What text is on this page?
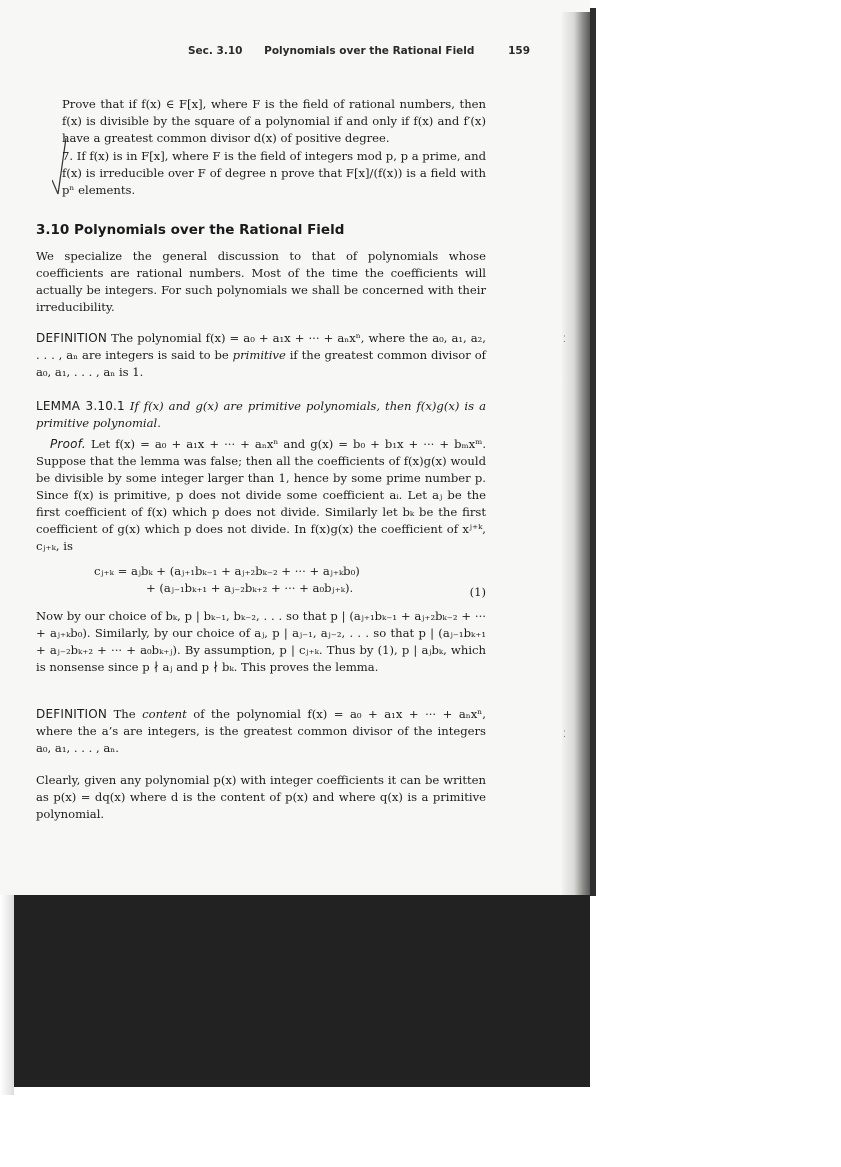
Sec. 3.10 Polynomials over the Rational Field	159
Prove that if f(x) ∈ F[x], where F is the field of rational numbers, then f(x) is divisible by the square of a polynomial if and only if f(x) and f′(x) have a greatest common divisor d(x) of positive degree.
7. If f(x) is in F[x], where F is the field of integers mod p, p a prime, and f(x) is irreducible over F of degree n prove that F[x]/(f(x)) is a field with pⁿ elements.
3.10 Polynomials over the Rational Field
We specialize the general discussion to that of polynomials whose coefficients are rational numbers. Most of the time the coefficients will actually be integers. For such polynomials we shall be concerned with their irreducibility.
DEFINITION The polynomial f(x) = a₀ + a₁x + ··· + aₙxⁿ, where the a₀, a₁, a₂, . . . , aₙ are integers is said to be primitive if the greatest common divisor of a₀, a₁, . . . , aₙ is 1.
LEMMA 3.10.1 If f(x) and g(x) are primitive polynomials, then f(x)g(x) is a primitive polynomial.
Proof. Let f(x) = a₀ + a₁x + ··· + aₙxⁿ and g(x) = b₀ + b₁x + ··· + bₘxᵐ. Suppose that the lemma was false; then all the coefficients of f(x)g(x) would be divisible by some integer larger than 1, hence by some prime number p. Since f(x) is primitive, p does not divide some coefficient aᵢ. Let aⱼ be the first coefficient of f(x) which p does not divide. Similarly let bₖ be the first coefficient of g(x) which p does not divide. In f(x)g(x) the coefficient of xʲ⁺ᵏ, cⱼ₊ₖ, is
cⱼ₊ₖ = aⱼbₖ + (aⱼ₊₁bₖ₋₁ + aⱼ₊₂bₖ₋₂ + ··· + aⱼ₊ₖb₀)
+ (aⱼ₋₁bₖ₊₁ + aⱼ₋₂bₖ₊₂ + ··· + a₀bⱼ₊ₖ).	(1)
Now by our choice of bₖ, p | bₖ₋₁, bₖ₋₂, . . . so that p | (aⱼ₊₁bₖ₋₁ + aⱼ₊₂bₖ₋₂ + ··· + aⱼ₊ₖb₀). Similarly, by our choice of aⱼ, p | aⱼ₋₁, aⱼ₋₂, . . . so that p | (aⱼ₋₁bₖ₊₁ + aⱼ₋₂bₖ₊₂ + ··· + a₀bₖ₊ⱼ). By assumption, p | cⱼ₊ₖ. Thus by (1), p | aⱼbₖ, which is nonsense since p ∤ aⱼ and p ∤ bₖ. This proves the lemma.
DEFINITION The content of the polynomial f(x) = a₀ + a₁x + ··· + aₙxⁿ, where the a’s are integers, is the greatest common divisor of the integers a₀, a₁, . . . , aₙ.
Clearly, given any polynomial p(x) with integer coefficients it can be written as p(x) = dq(x) where d is the content of p(x) and where q(x) is a primitive polynomial.
⁚
⁚
